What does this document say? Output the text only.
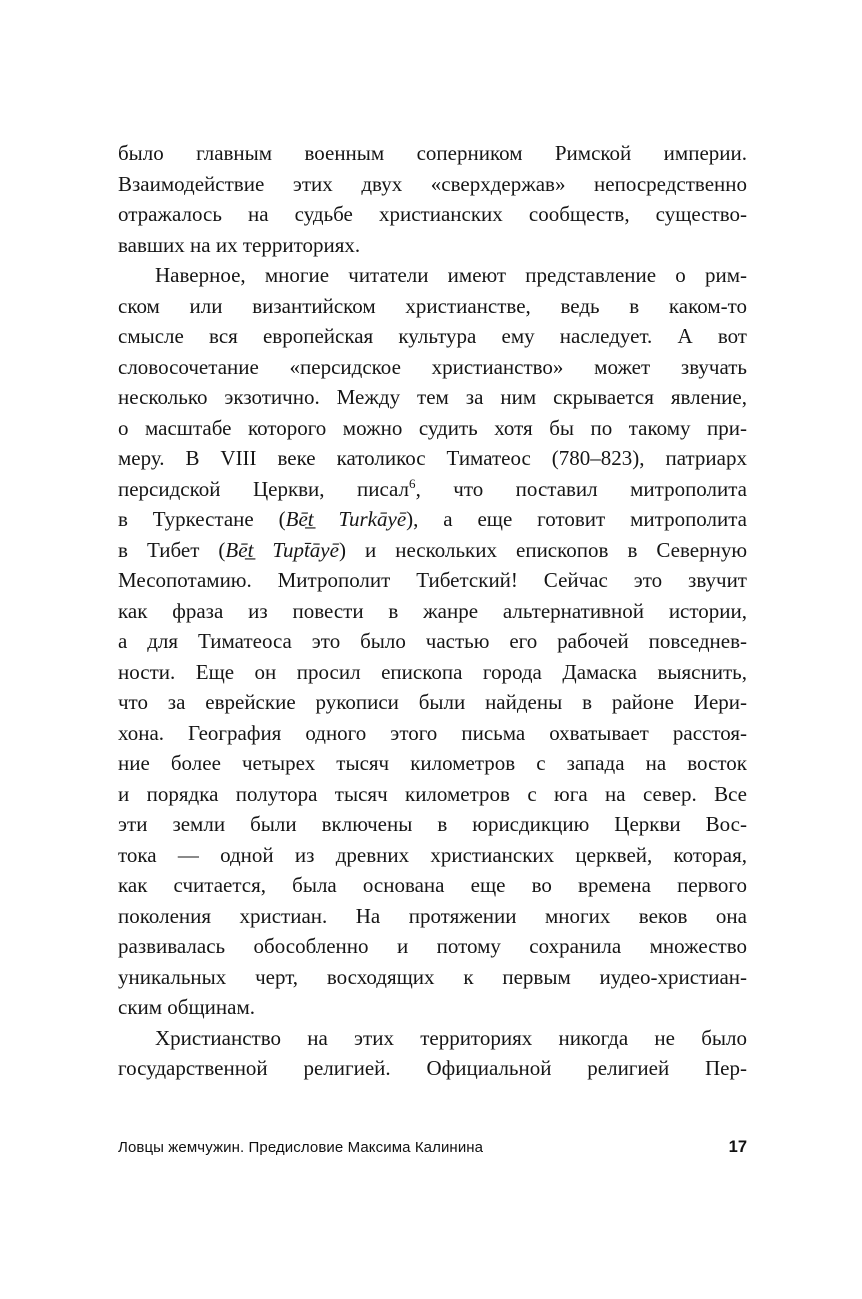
было главным военным соперником Римской империи.
Взаимодействие этих двух «сверхдержав» непосредственно
отражалось на судьбе христианских сообществ, существо-
вавших на их территориях.
Наверное, многие читатели имеют представление о рим-
ском или византийском христианстве, ведь в каком-то
смысле вся европейская культура ему наследует. А вот
словосочетание «персидское христианство» может звучать
несколько экзотично. Между тем за ним скрывается явление,
о масштабе которого можно судить хотя бы по такому при-
меру. В VIII веке католикос Тиматеос (780–823), патриарх
персидской Церкви, писал$^6$, что поставил митрополита
в Туркестане (Bēt̲ Turkāyē), а еще готовит митрополита
в Тибет (Bēt̲ Tupt̄āyē) и нескольких епископов в Северную
Месопотамию. Митрополит Тибетский! Сейчас это звучит
как фраза из повести в жанре альтернативной истории,
а для Тиматеоса это было частью его рабочей повседнев-
ности. Еще он просил епископа города Дамаска выяснить,
что за еврейские рукописи были найдены в районе Иери-
хона. География одного этого письма охватывает расстоя-
ние более четырех тысяч километров с запада на восток
и порядка полутора тысяч километров с юга на север. Все
эти земли были включены в юрисдикцию Церкви Вос-
тока — одной из древних христианских церквей, которая,
как считается, была основана еще во времена первого
поколения христиан. На протяжении многих веков она
развивалась обособленно и потому сохранила множество
уникальных черт, восходящих к первым иудео-христиан-
ским общинам.
Христианство на этих территориях никогда не было
государственной религией. Официальной религией Пер-
Ловцы жемчужин. Предисловие Максима Калинина	17
